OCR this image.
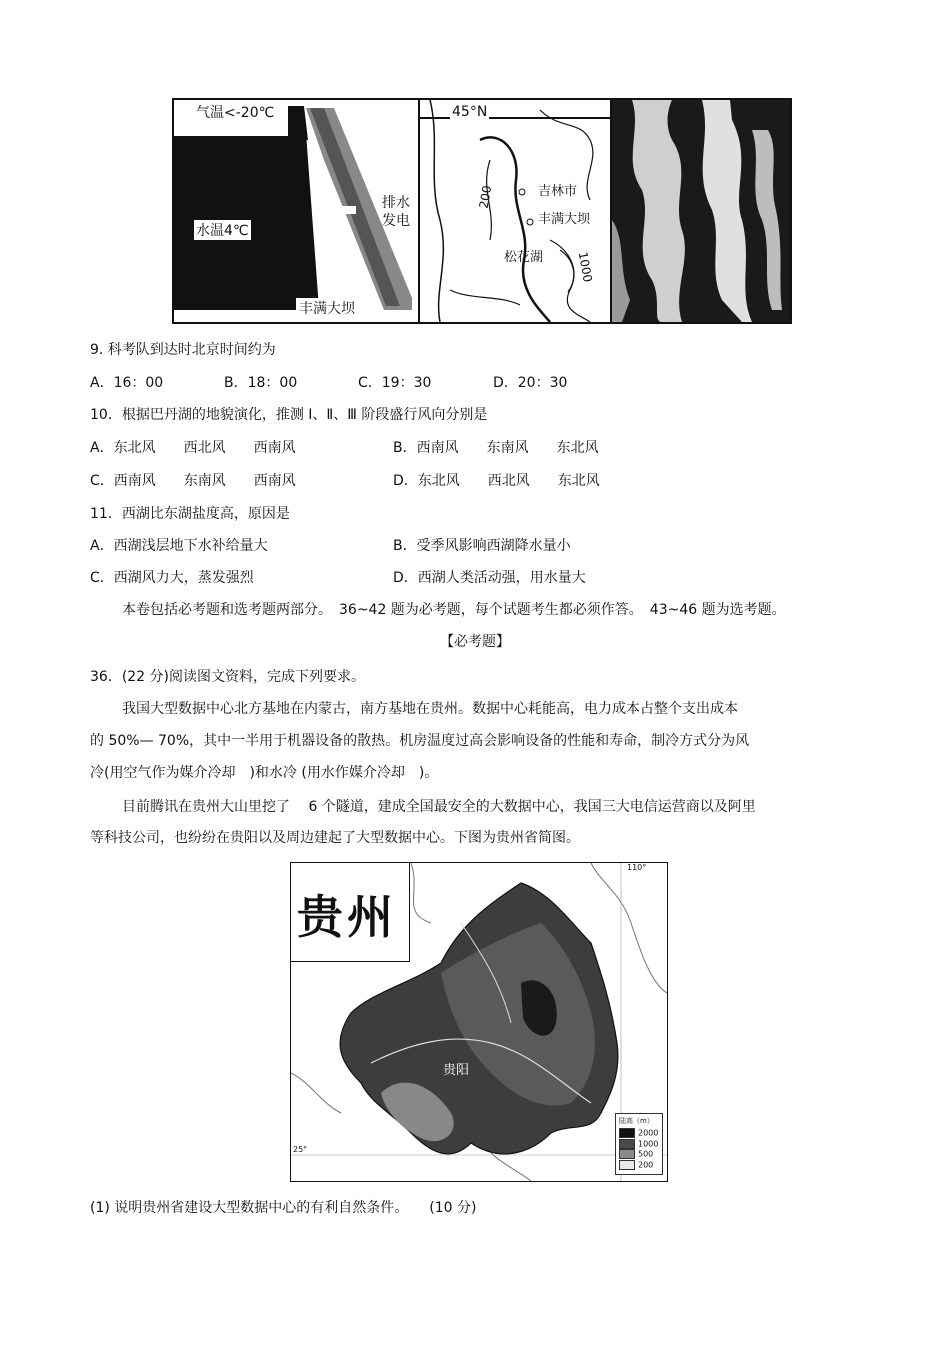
气温<-20℃
水温4℃
排水
发电
丰满大坝
45°N
吉林市
丰满大坝
松花湖
200
1000
9. 科考队到达时北京时间约为
A．16：00	B．18：00	C．19：30	D．20：30
10．根据巴丹湖的地貌演化，推测 Ⅰ、Ⅱ、Ⅲ 阶段盛行风向分别是
A．东北风　　西北风　　西南风	B．西南风　　东南风　　东北风
C．西南风　　东南风　　西南风	D．东北风　　西北风　　东北风
11．西湖比东湖盐度高，原因是
A．西湖浅层地下水补给量大	B．受季风影响西湖降水量小
C．西湖风力大，蒸发强烈	D．西湖人类活动强，用水量大
本卷包括必考题和选考题两部分。　36~42 题为必考题，每个试题考生都必须作答。　43~46 题为选考题。
【必考题】
36．(22 分)阅读图文资料，完成下列要求。
我国大型数据中心北方基地在内蒙古，南方基地在贵州。数据中心耗能高，电力成本占整个支出成本
的 50%— 70%，其中一半用于机器设备的散热。机房温度过高会影响设备的性能和寿命，制冷方式分为风
冷(用空气作为媒介冷却　)和水冷 (用水作媒介冷却　)。
目前腾讯在贵州大山里挖了　 6 个隧道，建成全国最安全的大数据中心，我国三大电信运营商以及阿里
等科技公司，也纷纷在贵阳以及周边建起了大型数据中心。下图为贵州省简图。
贵州
贵阳
25°
110°
陆高（m）
2000
1000
500
200
(1) 说明贵州省建设大型数据中心的有利自然条件。　　(10 分)
